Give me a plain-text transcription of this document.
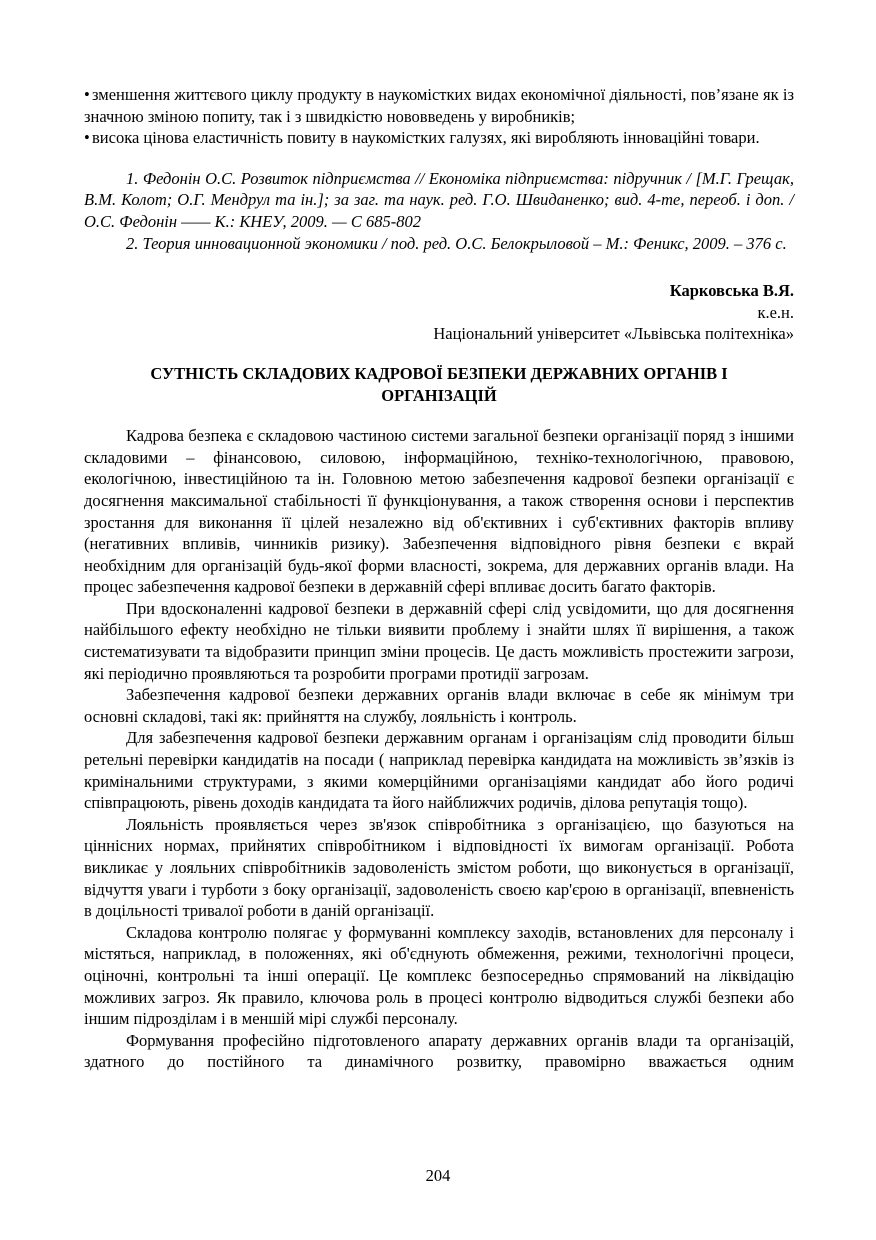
• зменшення життєвого циклу продукту в наукомістких видах економічної діяльності, пов’язане як із значною зміною попиту, так і з швидкістю нововведень у виробників;

• висока цінова еластичність повиту в наукомістких галузях, які виробляють інноваційні товари.

1. Федонін О.С. Розвиток підприємства // Економіка підприємства: підручник / [М.Г. Грещак, В.М. Колот; О.Г. Мендрул та ін.]; за заг. та наук. ред. Г.О. Швиданенко; вид. 4-те, переоб. і доп. / О.С. Федонін —— К.: КНЕУ, 2009. — С 685-802

2. Теория инновационной экономики / под. ред. О.С. Белокрыловой – М.: Феникс, 2009. – 376 с.

Карковська В.Я.
к.е.н.
Національний університет «Львівська політехніка»
СУТНІСТЬ СКЛАДОВИХ КАДРОВОЇ БЕЗПЕКИ ДЕРЖАВНИХ ОРГАНІВ І
ОРГАНІЗАЦІЙ

Кадрова безпека є складовою частиною системи загальної безпеки організації поряд з іншими складовими – фінансовою, силовою, інформаційною, техніко-технологічною, правовою, екологічною, інвестиційною та ін. Головною метою забезпечення кадрової безпеки організації є досягнення максимальної стабільності її функціонування, а також створення основи і перспектив зростання для виконання її цілей незалежно від об'єктивних і суб'єктивних факторів впливу (негативних впливів, чинників ризику). Забезпечення відповідного рівня безпеки є вкрай необхідним для організацій будь-якої форми власності, зокрема, для державних органів влади. На процес забезпечення кадрової безпеки в державній сфері впливає досить багато факторів.

При вдосконаленні кадрової безпеки в державній сфері слід усвідомити, що для досягнення найбільшого ефекту необхідно не тільки виявити проблему і знайти шлях її вирішення, а також систематизувати та відобразити принцип зміни процесів. Це дасть можливість простежити загрози, які періодично проявляються та розробити програми протидії загрозам.

Забезпечення кадрової безпеки державних органів влади включає в себе як мінімум три основні складові, такі як: прийняття на службу, лояльність і контроль.

Для забезпечення кадрової безпеки державним органам і організаціям слід проводити більш ретельні перевірки кандидатів на посади ( наприклад перевірка кандидата на можливість зв’язків із кримінальними структурами, з якими комерційними організаціями кандидат або його родичі співпрацюють, рівень доходів кандидата та його найближчих родичів, ділова репутація тощо).

Лояльність проявляється через зв'язок співробітника з організацією, що базуються на ціннісних нормах, прийнятих співробітником і відповідності їх вимогам організації. Робота викликає у лояльних співробітників задоволеність змістом роботи, що виконується в організації, відчуття уваги і турботи з боку організації, задоволеність своєю кар'єрою в організації, впевненість в доцільності тривалої роботи в даній організації.

Складова контролю полягає у формуванні комплексу заходів, встановлених для персоналу і містяться, наприклад, в положеннях, які об'єднують обмеження, режими, технологічні процеси, оціночні, контрольні та інші операції. Це комплекс безпосередньо спрямований на ліквідацію можливих загроз. Як правило, ключова роль в процесі контролю відводиться службі безпеки або іншим підрозділам і в меншій мірі службі персоналу.

Формування професійно підготовленого апарату державних органів влади та організацій, здатного до постійного та динамічного розвитку, правомірно вважається одним

204
